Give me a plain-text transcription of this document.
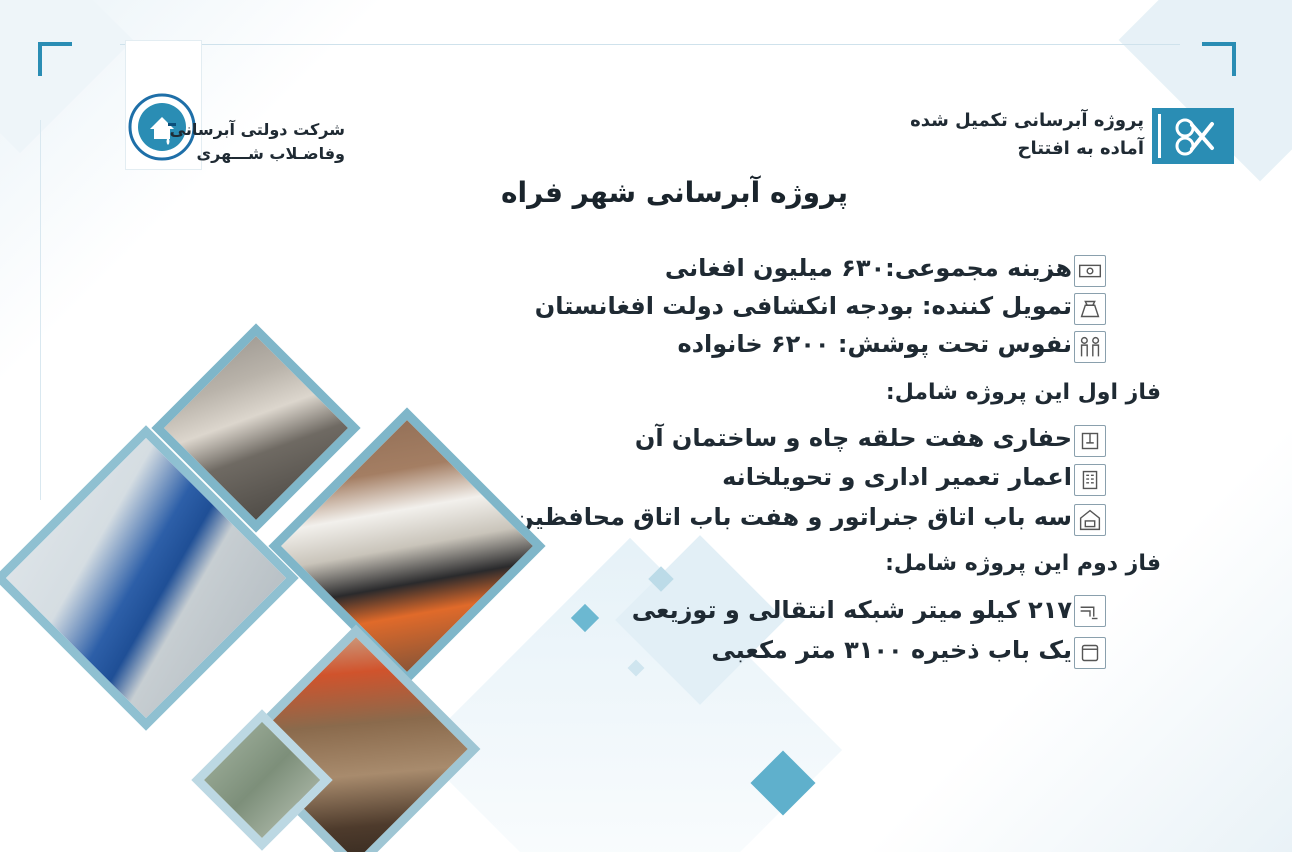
شرکت دولتی آبرسانی
وفاضـلاب شـــهری
پروژه آبرسانی تکمیل شده
آماده به افتتاح
پروژه آبرسانی شهر فراه
هزینه مجموعی:۶۳۰ میلیون افغانی
تمویل کننده: بودجه انکشافی دولت افغانستان
نفوس تحت پوشش: ۶۲۰۰ خانواده
فاز اول این پروژه شامل:
حفاری هفت حلقه چاه و ساختمان آن
اعمار تعمیر اداری و تحویلخانه
سه باب اتاق جنراتور و هفت باب اتاق محافظین
فاز دوم این پروژه شامل:
۲۱۷ کیلو میتر شبکه انتقالی و توزیعی
یک باب ذخیره ۳۱۰۰ متر مکعبی
